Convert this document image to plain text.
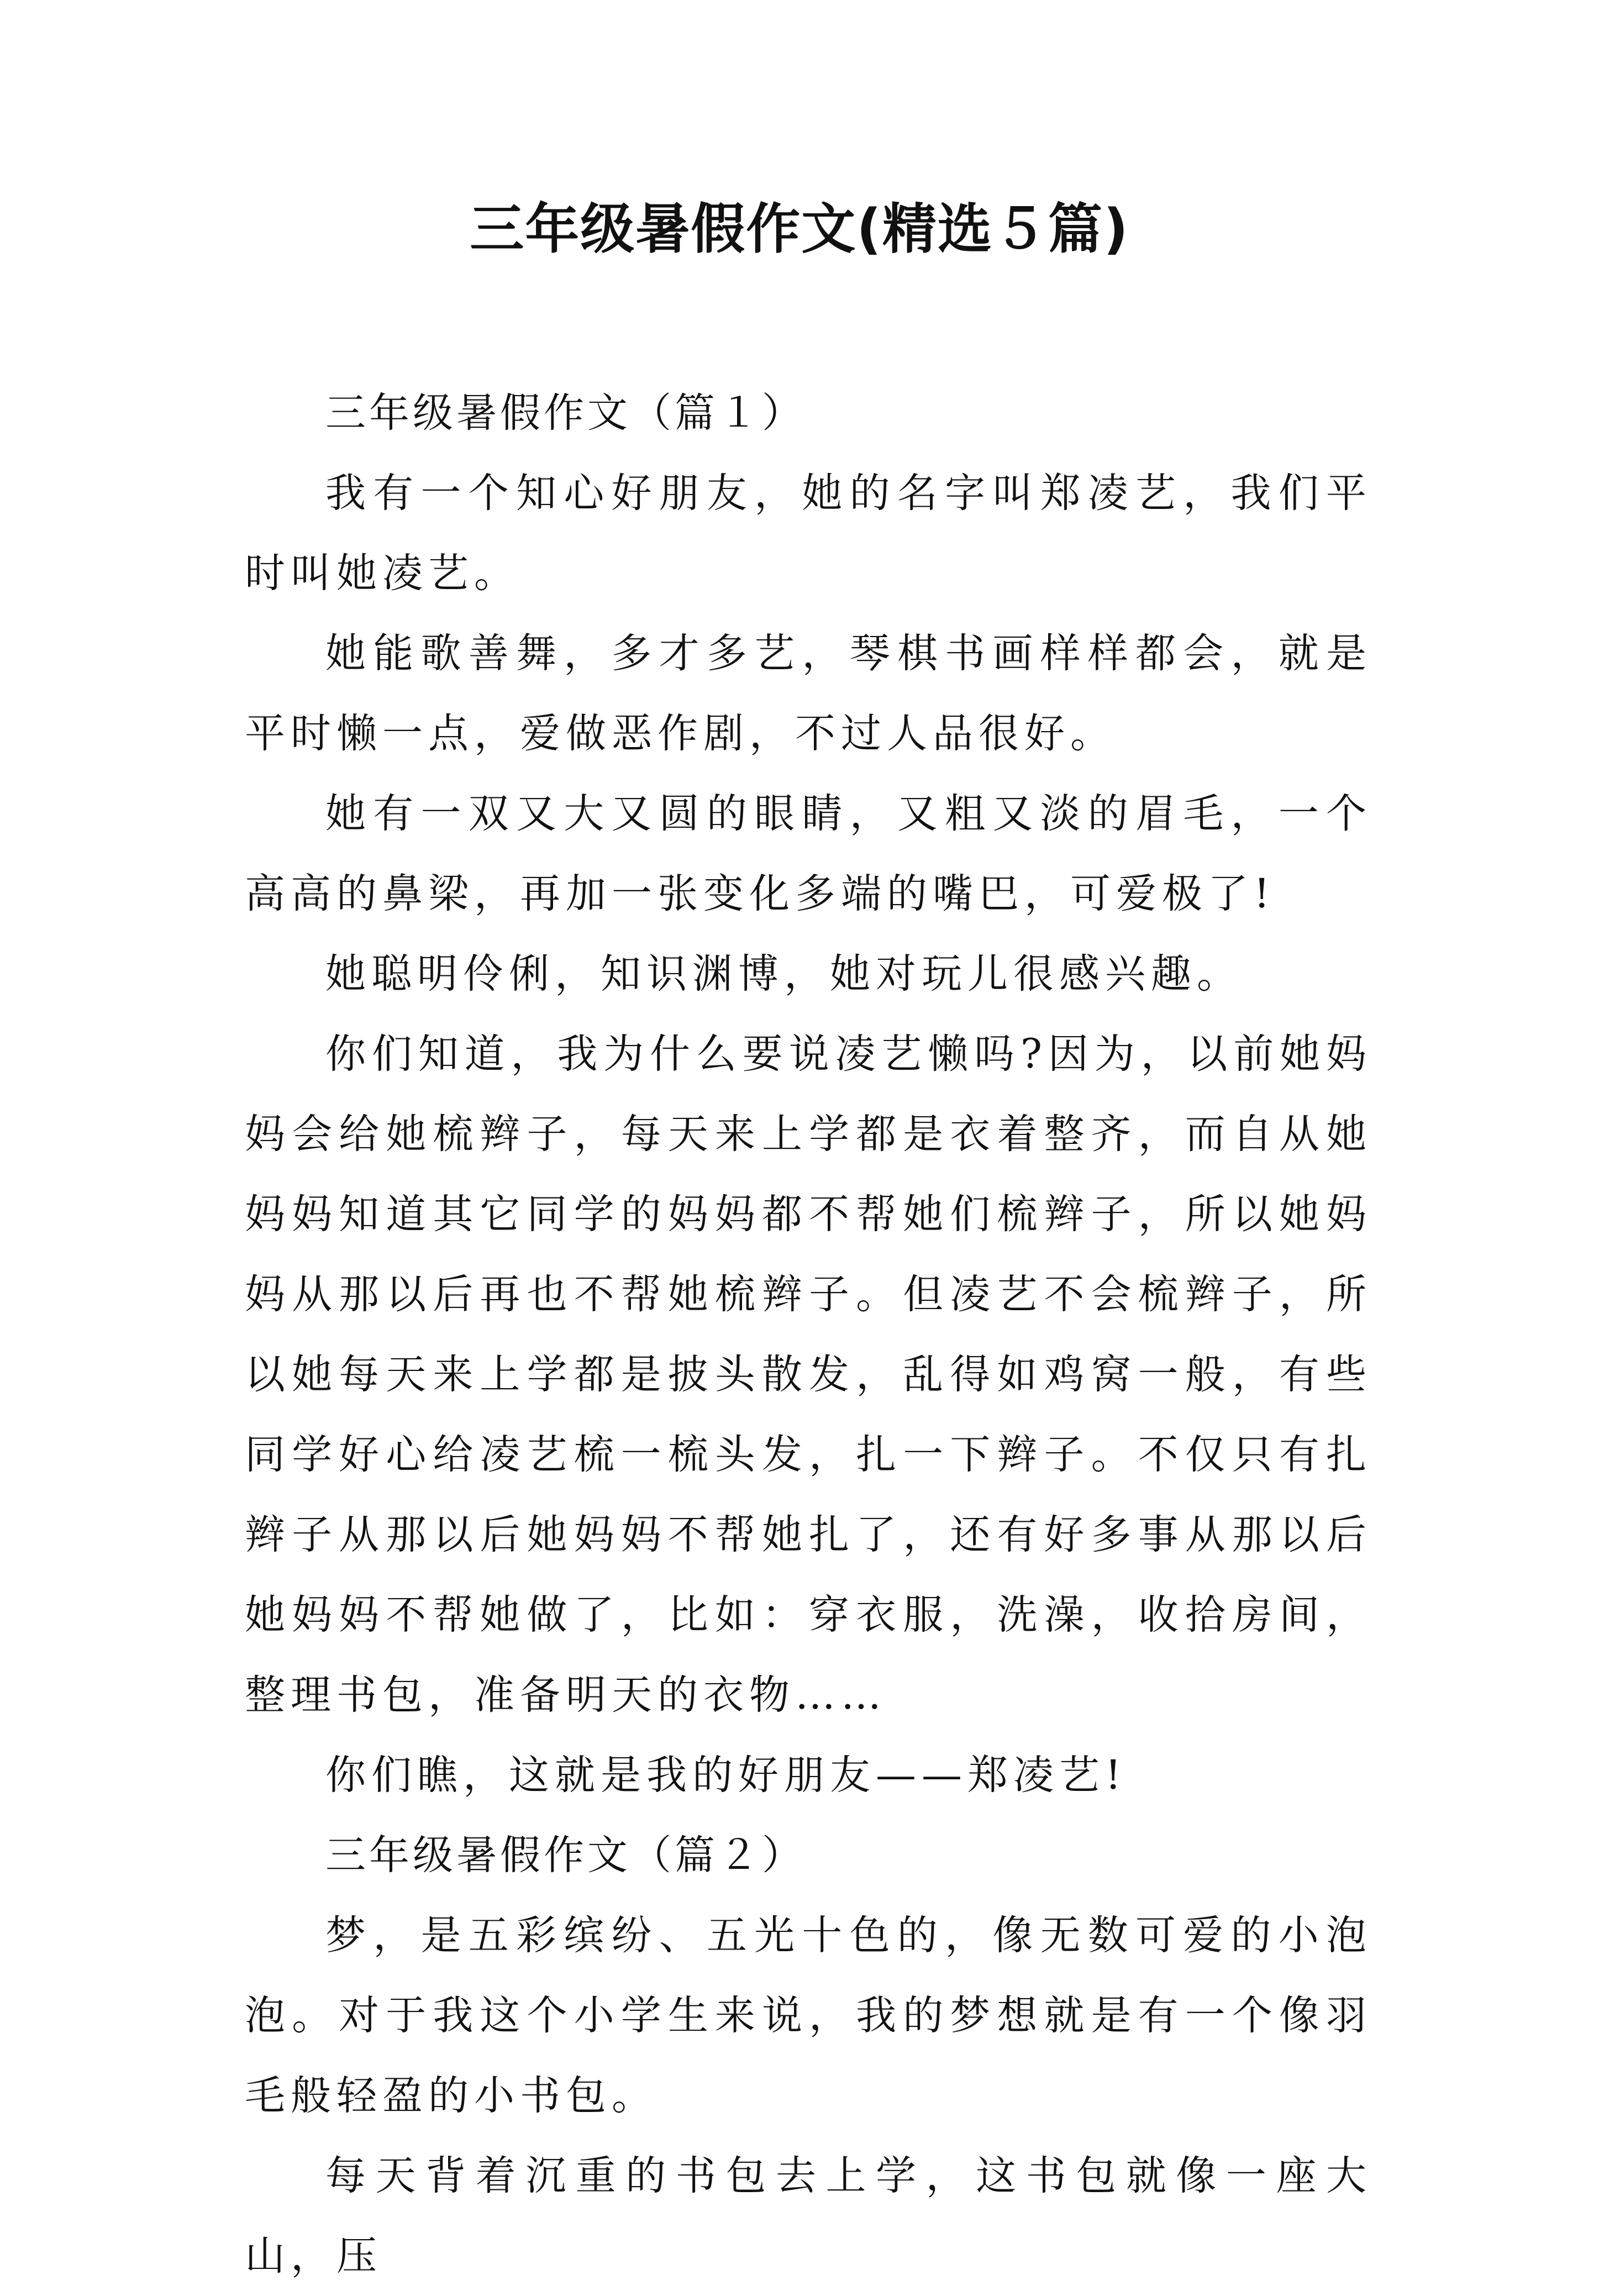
三年级暑假作文(精选５篇)

三年级暑假作文（篇１）

我有一个知心好朋友，她的名字叫郑凌艺，我们平时叫她凌艺。

她能歌善舞，多才多艺，琴棋书画样样都会，就是平时懒一点，爱做恶作剧，不过人品很好。

她有一双又大又圆的眼睛，又粗又淡的眉毛，一个高高的鼻梁，再加一张变化多端的嘴巴，可爱极了!

她聪明伶俐，知识渊博，她对玩儿很感兴趣。

你们知道，我为什么要说凌艺懒吗?因为，以前她妈妈会给她梳辫子，每天来上学都是衣着整齐，而自从她妈妈知道其它同学的妈妈都不帮她们梳辫子，所以她妈妈从那以后再也不帮她梳辫子。但凌艺不会梳辫子，所以她每天来上学都是披头散发，乱得如鸡窝一般，有些同学好心给凌艺梳一梳头发，扎一下辫子。不仅只有扎辫子从那以后她妈妈不帮她扎了，还有好多事从那以后她妈妈不帮她做了，比如：穿衣服，洗澡，收拾房间，整理书包，准备明天的衣物……

你们瞧，这就是我的好朋友——郑凌艺!

三年级暑假作文（篇２）

梦，是五彩缤纷、五光十色的，像无数可爱的小泡泡。对于我这个小学生来说，我的梦想就是有一个像羽毛般轻盈的小书包。

每天背着沉重的书包去上学，这书包就像一座大山，压
